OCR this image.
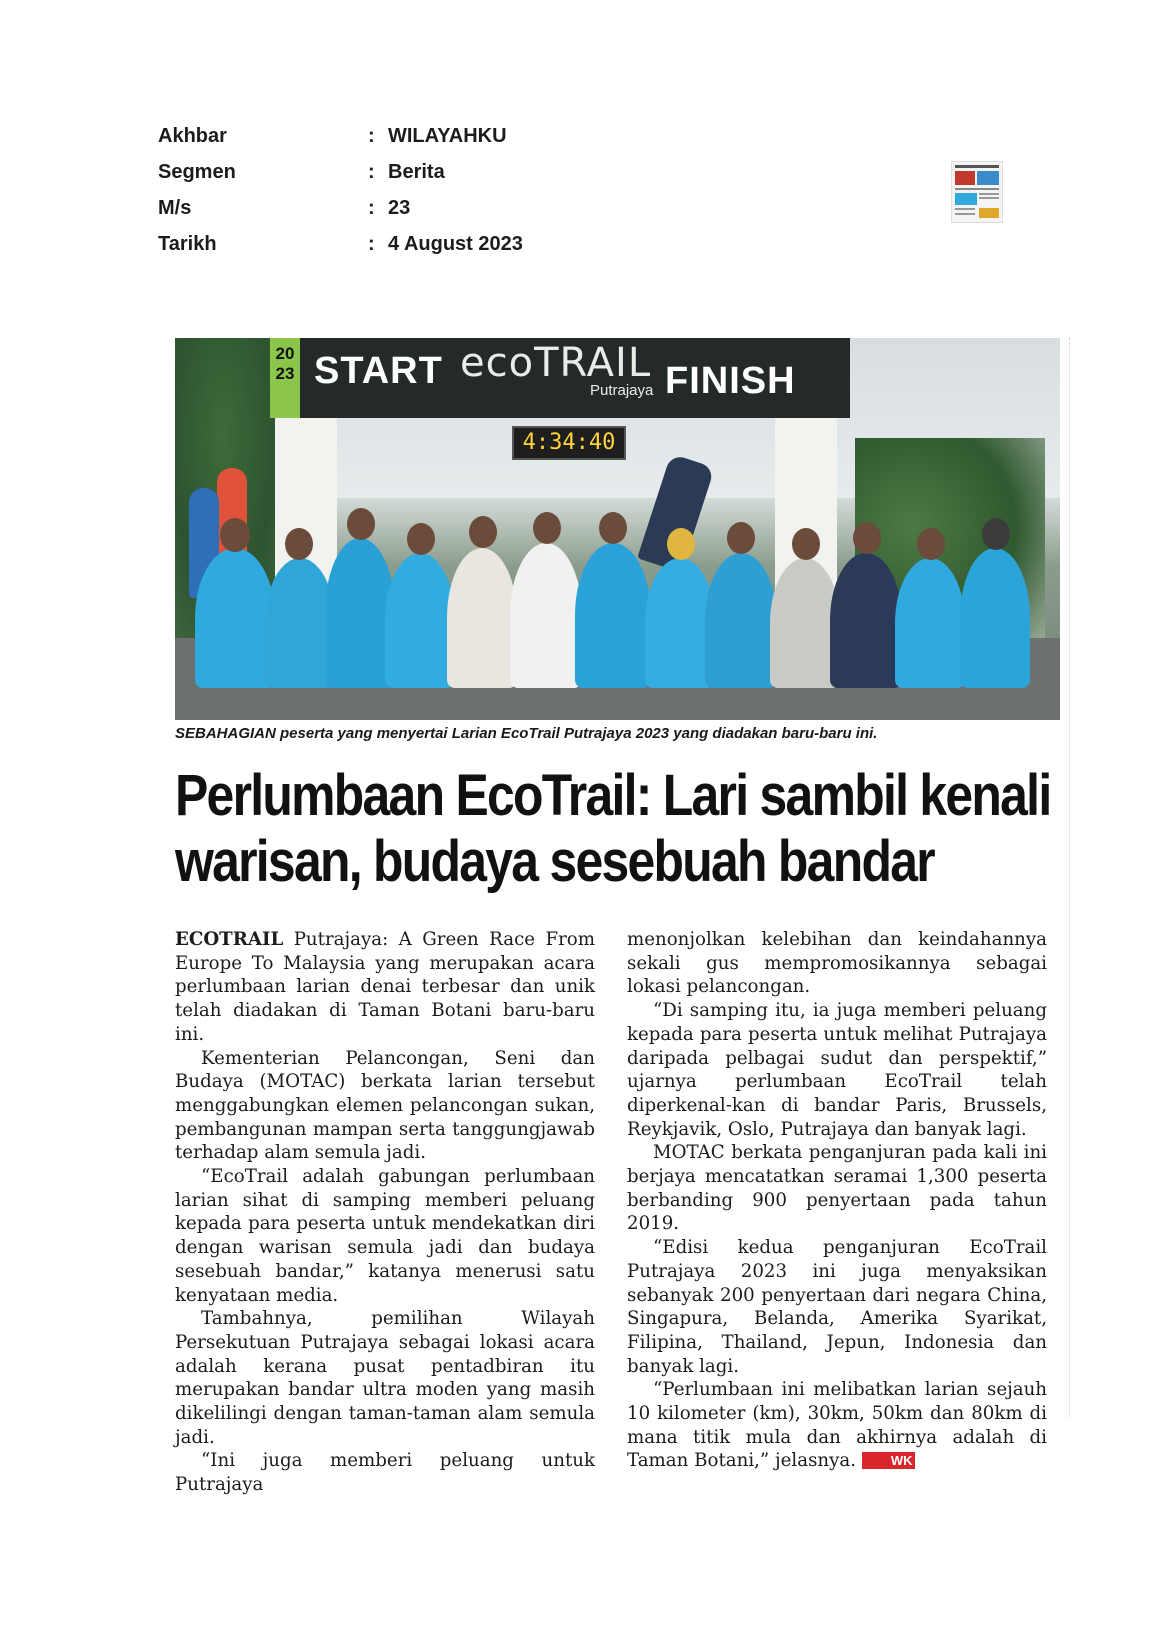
Akhbar	: WILAYAHKU
Segmen	: Berita
M/s	: 23
Tarikh	: 4 August 2023
20 23 START ecoTRAIL
Putrajaya FINISH
4:34:40
SEBAHAGIAN peserta yang menyertai Larian EcoTrail Putrajaya 2023 yang diadakan baru-baru ini.
Perlumbaan EcoTrail: Lari sambil kenali
warisan, budaya sesebuah bandar

ECOTRAIL Putrajaya: A Green Race From Europe To Malaysia yang merupakan acara perlumbaan larian denai terbesar dan unik telah diadakan di Taman Botani baru-baru ini.

Kementerian Pelancongan, Seni dan Budaya (MOTAC) berkata larian tersebut menggabungkan elemen pelancongan sukan, pembangunan mampan serta tanggungjawab terhadap alam semula jadi.

“EcoTrail adalah gabungan perlumbaan larian sihat di samping memberi peluang kepada para peserta untuk mendekatkan diri dengan warisan semula jadi dan budaya sesebuah bandar,” katanya menerusi satu kenyataan media.

Tambahnya, pemilihan Wilayah Persekutuan Putrajaya sebagai lokasi acara adalah kerana pusat pentadbiran itu merupakan bandar ultra moden yang masih dikelilingi dengan taman-taman alam semula jadi.

“Ini juga memberi peluang untuk Putrajaya

menonjolkan kelebihan dan keindahannya sekali gus mempromosikannya sebagai lokasi pelancongan.

“Di samping itu, ia juga memberi peluang kepada para peserta untuk melihat Putrajaya daripada pelbagai sudut dan perspektif,” ujarnya perlumbaan EcoTrail telah diperkenal-kan di bandar Paris, Brussels, Reykjavik, Oslo, Putrajaya dan banyak lagi.

MOTAC berkata penganjuran pada kali ini berjaya mencatatkan seramai 1,300 peserta berbanding 900 penyertaan pada tahun 2019.

“Edisi kedua penganjuran EcoTrail Putrajaya 2023 ini juga menyaksikan sebanyak 200 penyertaan dari negara China, Singapura, Belanda, Amerika Syarikat, Filipina, Thailand, Jepun, Indonesia dan banyak lagi.

“Perlumbaan ini melibatkan larian sejauh 10 kilometer (km), 30km, 50km dan 80km di mana titik mula dan akhirnya adalah di Taman Botani,” jelasnya.	WK
